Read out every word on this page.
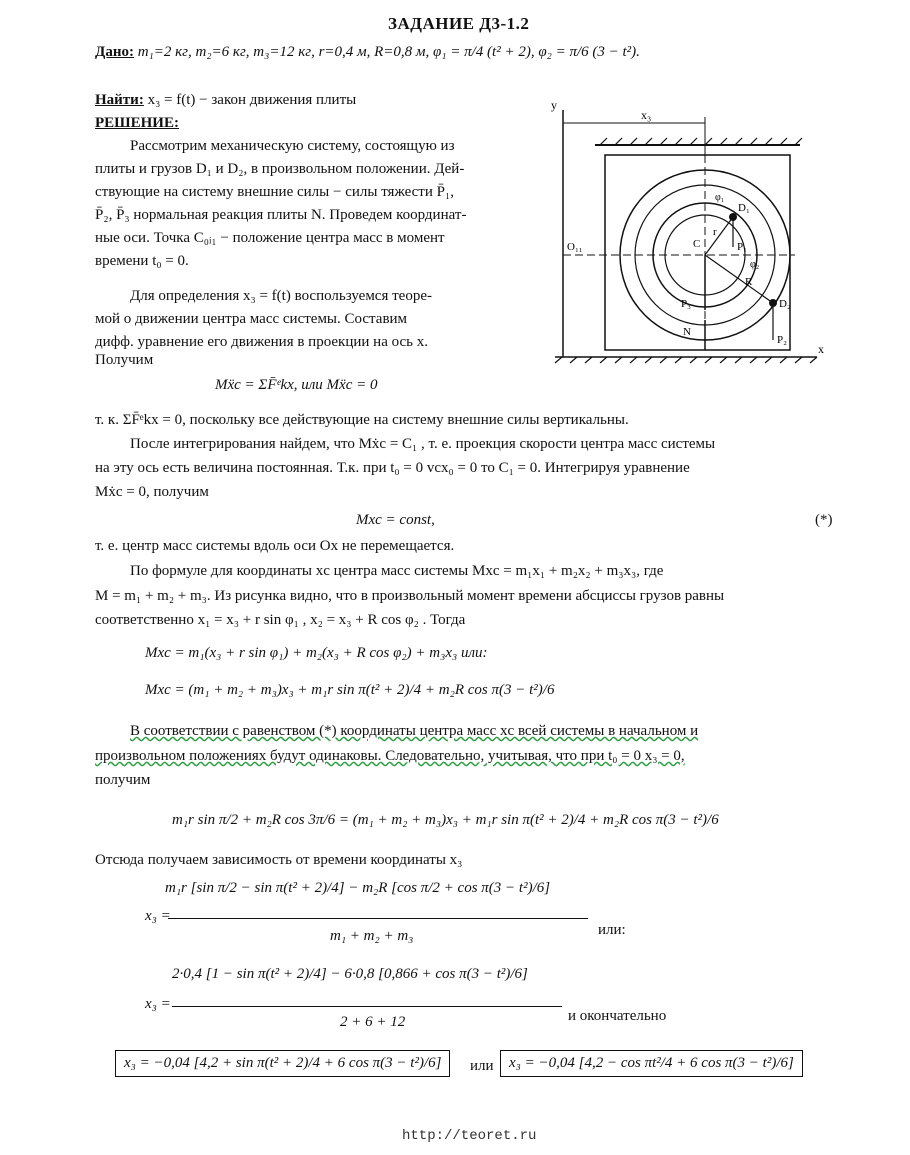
ЗАДАНИЕ Д3-1.2
Дано: m₁=2 кг, m₂=6 кг, m₃=12 кг, r=0,4 м, R=0,8 м, φ₁ = π/4 (t² + 2), φ₂ = π/6 (3 − t²).
Найти: x₃ = f(t) − закон движения плиты
РЕШЕНИЕ:
Рассмотрим механическую систему, состоящую из
плиты и грузов D₁ и D₂, в произвольном положении. Дей-
ствующие на систему внешние силы − силы тяжести P̄₁,
P̄₂, P̄₃ нормальная реакция плиты N. Проведем координат-
ные оси. Точка C₀ᵢ₁ − положение центра масс в момент
времени t₀ = 0.
Для определения x₃ = f(t) воспользуемся теоре-
мой о движении центра масс системы. Составим
дифф. уравнение его движения в проекции на ось x.
Получим
Mẍc = ΣF̄ᵉkx, или Mẍc = 0
т. к. ΣF̄ᵉkx = 0, поскольку все действующие на систему внешние силы вертикальны.
После интегрирования найдем, что Mẋc = C₁ , т. е. проекция скорости центра масс системы
на эту ось есть величина постоянная. Т.к. при t₀ = 0 vcx₀ = 0 то C₁ = 0. Интегрируя уравнение
Mẋc = 0, получим
Mxc = const,	(*)
т. е. центр масс системы вдоль оси Ox не перемещается.
По формуле для координаты xc центра масс системы Mxc = m₁x₁ + m₂x₂ + m₃x₃, где
M = m₁ + m₂ + m₃. Из рисунка видно, что в произвольный момент времени абсциссы грузов равны
соответственно x₁ = x₃ + r sin φ₁ , x₂ = x₃ + R cos φ₂ . Тогда
Mxc = m₁(x₃ + r sin φ₁) + m₂(x₃ + R cos φ₂) + m₃x₃ или:
Mxc = (m₁ + m₂ + m₃)x₃ + m₁r sin π(t² + 2)/4 + m₂R cos π(3 − t²)/6
В соответствии с равенством (*) координаты центра масс xc всей системы в начальном и
произвольном положениях будут одинаковы. Следовательно, учитывая, что при t₀ = 0 x₃ = 0,
получим
m₁r sin π/2 + m₂R cos 3π/6 = (m₁ + m₂ + m₃)x₃ + m₁r sin π(t² + 2)/4 + m₂R cos π(3 − t²)/6
Отсюда получаем зависимость от времени координаты x₃
m₁r [sin π/2 − sin π(t² + 2)/4] − m₂R [cos π/2 + cos π(3 − t²)/6]
x₃ =
m₁ + m₂ + m₃	или:
2·0,4 [1 − sin π(t² + 2)/4] − 6·0,8 [0,866 + cos π(3 − t²)/6]
x₃ =
2 + 6 + 12	и окончательно
x₃ = −0,04 [4,2 + sin π(t² + 2)/4 + 6 cos π(3 − t²)/6]	или	x₃ = −0,04 [4,2 − cos πt²/4 + 6 cos π(3 − t²)/6]
y
x
x₃
O₁₁
D₁
D₂
P₁
P₂
P₃
N
r
R
C
φ₁
φ₂
http://teoret.ru
